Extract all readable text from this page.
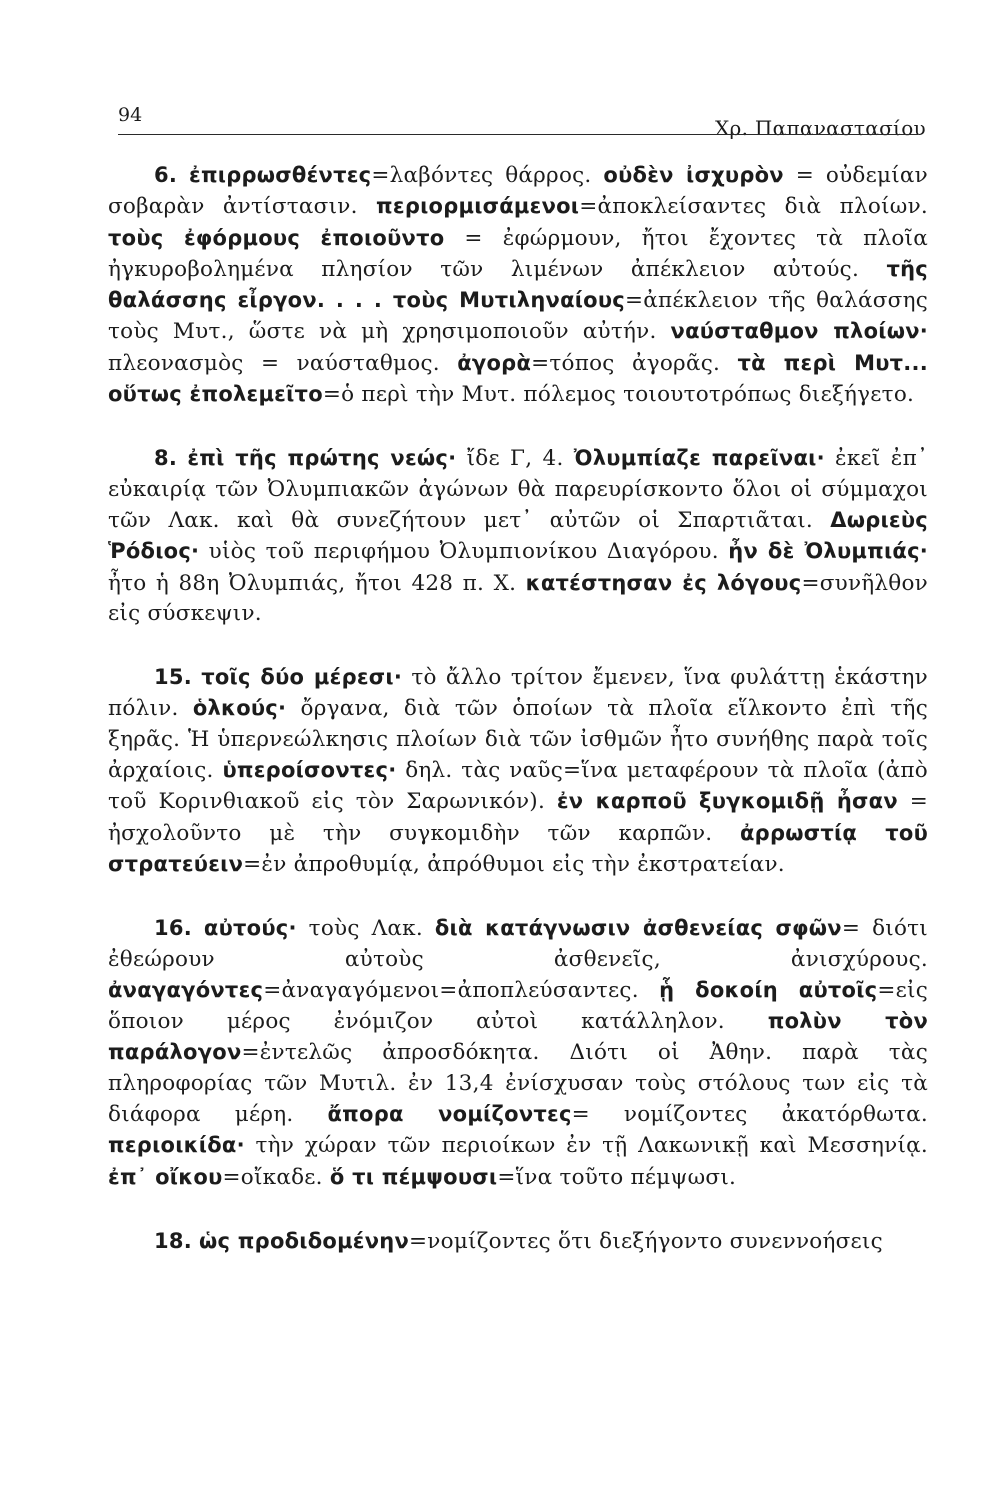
94
Χρ. Παπαναστασίου

6. ἐπιρρωσθέντες=λαβόντες θάρρος. οὐδὲν ἰσχυρὸν = οὐδεμίαν σοβαρὰν ἀντίστασιν. περιορμισάμενοι=ἀποκλείσαντες διὰ πλοίων. τοὺς ἐφόρμους ἐποιοῦντο = ἐφώρμουν, ἤτοι ἔχοντες τὰ πλοῖα ἠγκυροβολημένα πλησίον τῶν λιμένων ἀπέκλειον αὐτούς. τῆς θαλάσσης εἶργον. . . . τοὺς Μυτιληναίους=ἀπέκλειον τῆς θαλάσσης τοὺς Μυτ., ὥστε νὰ μὴ χρησιμοποιοῦν αὐτήν. ναύσταθμον πλοίων· πλεονασμὸς = ναύσταθμος. ἀγορὰ=τόπος ἀγορᾶς. τὰ περὶ Μυτ... οὕτως ἐπολεμεῖτο=ὁ περὶ τὴν Μυτ. πόλεμος τοιουτοτρόπως διεξήγετο.

8. ἐπὶ τῆς πρώτης νεώς· ἴδε Γ, 4. Ὀλυμπίαζε παρεῖναι· ἐκεῖ ἐπ᾽ εὐκαιρίᾳ τῶν Ὀλυμπιακῶν ἀγώνων θὰ παρευρίσκοντο ὅλοι οἱ σύμμαχοι τῶν Λακ. καὶ θὰ συνεζήτουν μετ᾽ αὐτῶν οἱ Σπαρτιᾶται. Δωριεὺς Ῥόδιος· υἱὸς τοῦ περιφήμου Ὀλυμπιονίκου Διαγόρου. ἦν δὲ Ὀλυμπιάς· ἦτο ἡ 88η Ὀλυμπιάς, ἤτοι 428 π. Χ. κατέστησαν ἐς λόγους=συνῆλθον εἰς σύσκεψιν.

15. τοῖς δύο μέρεσι· τὸ ἄλλο τρίτον ἔμενεν, ἵνα φυλάττῃ ἑκάστην πόλιν. ὁλκούς· ὄργανα, διὰ τῶν ὁποίων τὰ πλοῖα εἵλκοντο ἐπὶ τῆς ξηρᾶς. Ἡ ὑπερνεώλκησις πλοίων διὰ τῶν ἰσθμῶν ἦτο συνήθης παρὰ τοῖς ἀρχαίοις. ὑπεροίσοντες· δηλ. τὰς ναῦς=ἵνα μεταφέρουν τὰ πλοῖα (ἀπὸ τοῦ Κορινθιακοῦ εἰς τὸν Σαρωνικόν). ἐν καρποῦ ξυγκομιδῇ ἦσαν = ἠσχολοῦντο μὲ τὴν συγκομιδὴν τῶν καρπῶν. ἀρρωστίᾳ τοῦ στρατεύειν=ἐν ἀπροθυμίᾳ, ἀπρόθυμοι εἰς τὴν ἐκστρατείαν.

16. αὐτούς· τοὺς Λακ. διὰ κατάγνωσιν ἀσθενείας σφῶν= διότι ἐθεώρουν αὐτοὺς ἀσθενεῖς, ἀνισχύρους. ἀναγαγόντες=ἀναγαγόμενοι=ἀποπλεύσαντες. ᾗ δοκοίη αὐτοῖς=εἰς ὅποιον μέρος ἐνόμιζον αὐτοὶ κατάλληλον. πολὺν τὸν παράλογον=ἐντελῶς ἀπροσδόκητα. Διότι οἱ Ἀθην. παρὰ τὰς πληροφορίας τῶν Μυτιλ. ἐν 13,4 ἐνίσχυσαν τοὺς στόλους των εἰς τὰ διάφορα μέρη. ἄπορα νομίζοντες= νομίζοντες ἀκατόρθωτα. περιοικίδα· τὴν χώραν τῶν περιοίκων ἐν τῇ Λακωνικῇ καὶ Μεσσηνίᾳ. ἐπ᾽ οἴκου=οἴκαδε. ὅ τι πέμψουσι=ἵνα τοῦτο πέμψωσι.

18. ὡς προδιδομένην=νομίζοντες ὅτι διεξήγοντο συνεννοήσεις
